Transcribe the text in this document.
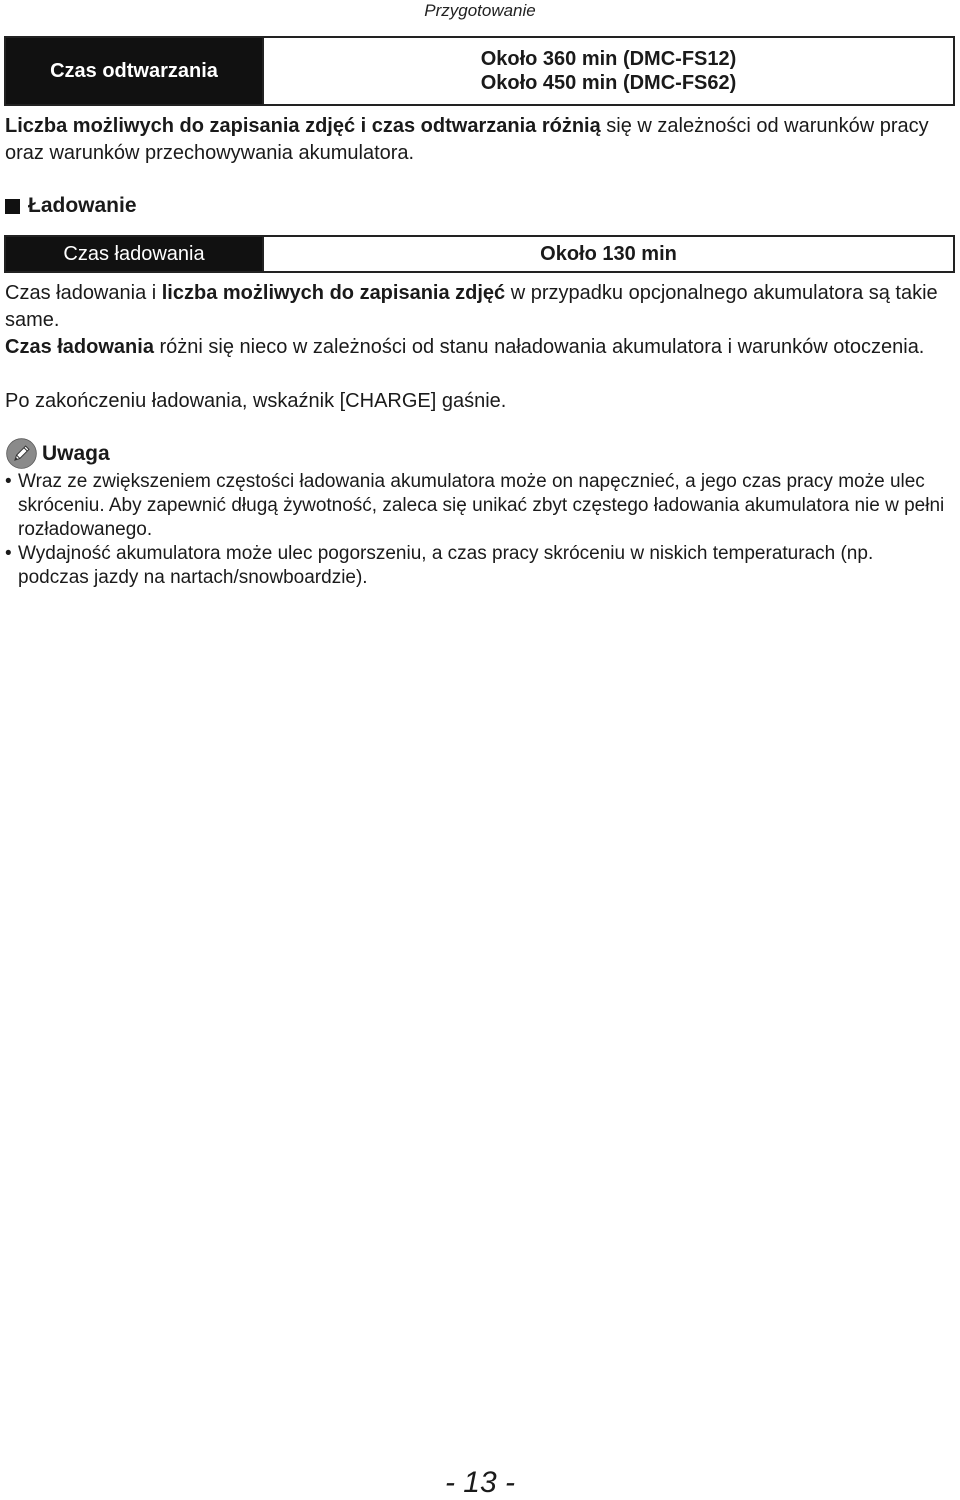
Przygotowanie
Czas odtwarzania
Około 360 min (DMC-FS12)
Około 450 min (DMC-FS62)
Liczba możliwych do zapisania zdjęć i czas odtwarzania różnią się w zależności od warunków pracy oraz warunków przechowywania akumulatora.
Ładowanie
Czas ładowania	Około 130 min
Czas ładowania i liczba możliwych do zapisania zdjęć w przypadku opcjonalnego akumulatora są takie same.
Czas ładowania różni się nieco w zależności od stanu naładowania akumulatora i warunków otoczenia.
Po zakończeniu ładowania, wskaźnik [CHARGE] gaśnie.
Uwaga
• Wraz ze zwiększeniem częstości ładowania akumulatora może on napęcznieć, a jego czas pracy może ulec skróceniu. Aby zapewnić długą żywotność, zaleca się unikać zbyt częstego ładowania akumulatora nie w pełni rozładowanego.
• Wydajność akumulatora może ulec pogorszeniu, a czas pracy skróceniu w niskich temperaturach (np. podczas jazdy na nartach/snowboardzie).
- 13 -
